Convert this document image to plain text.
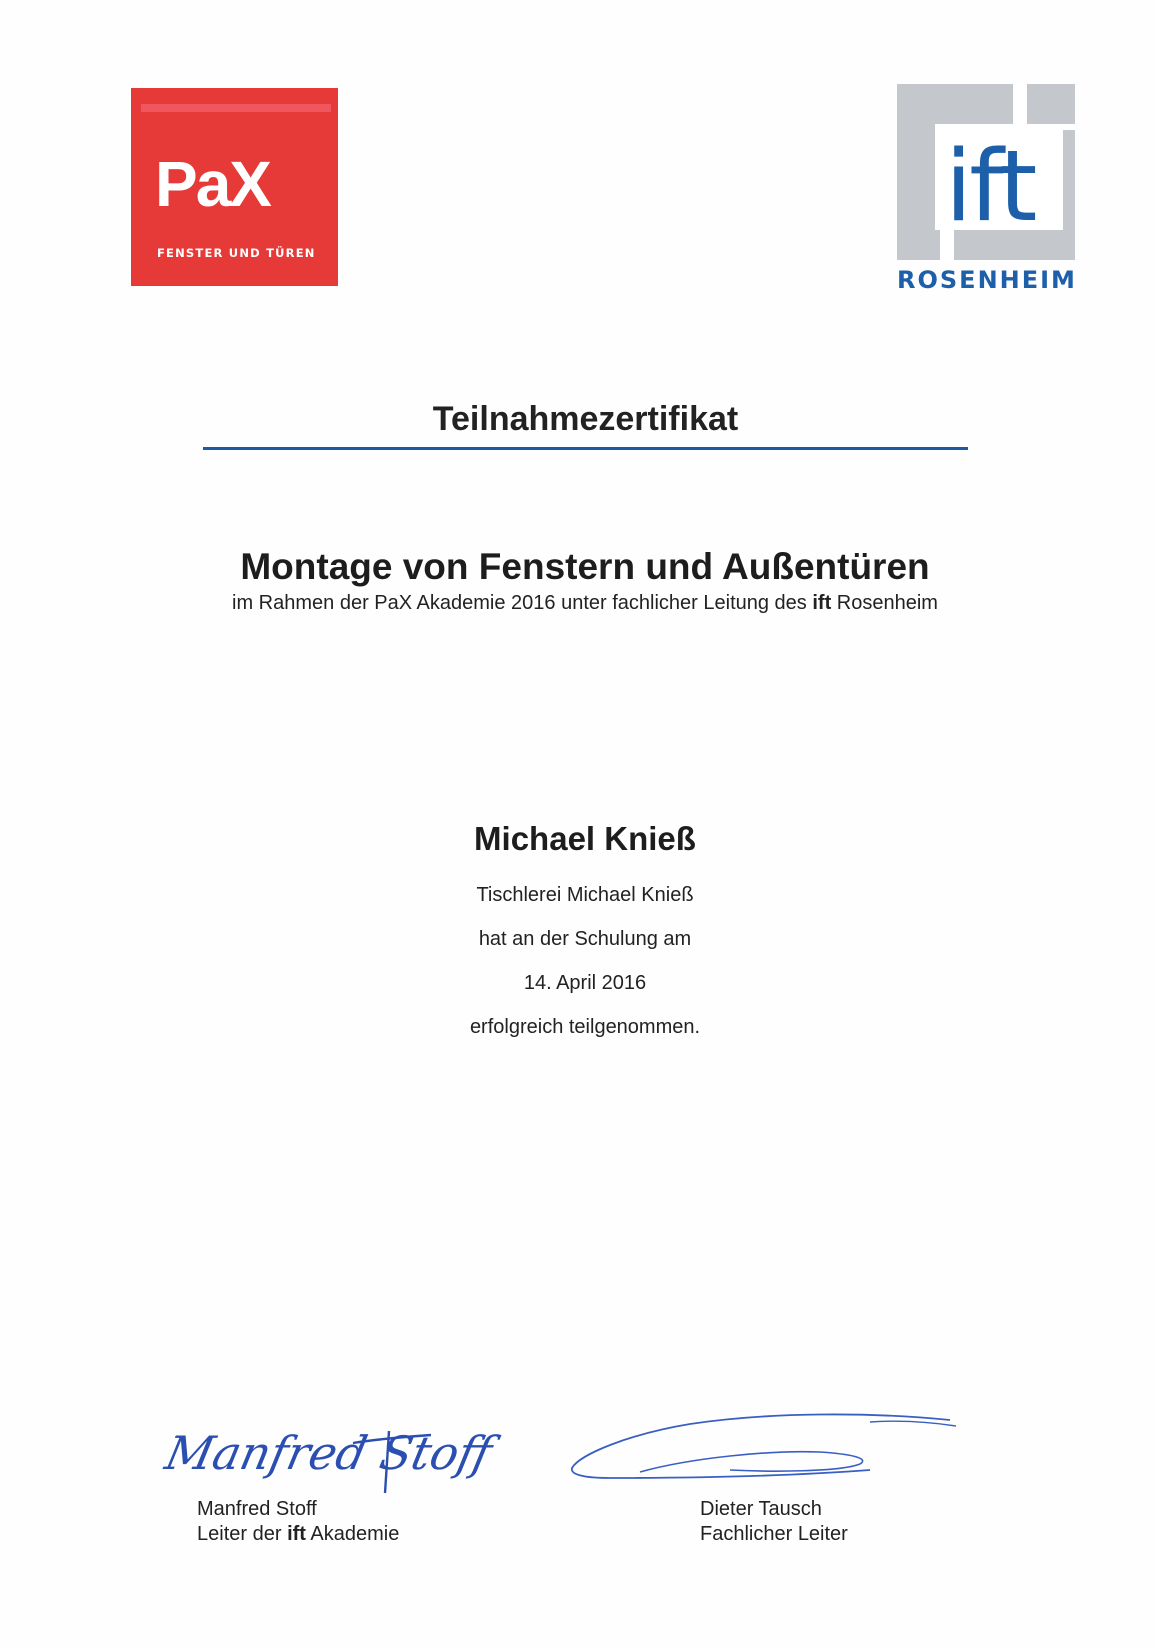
PaX
FENSTER UND TÜREN
ift
ROSENHEIM
Teilnahmezertifikat
Montage von Fenstern und Außentüren
im Rahmen der PaX Akademie 2016 unter fachlicher Leitung des ift Rosenheim
Michael Knieß
Tischlerei Michael Knieß
hat an der Schulung am
14. April 2016
erfolgreich teilgenommen.
Manfred Stoff
Manfred Stoff
Leiter der ift Akademie
Dieter Tausch
Fachlicher Leiter
